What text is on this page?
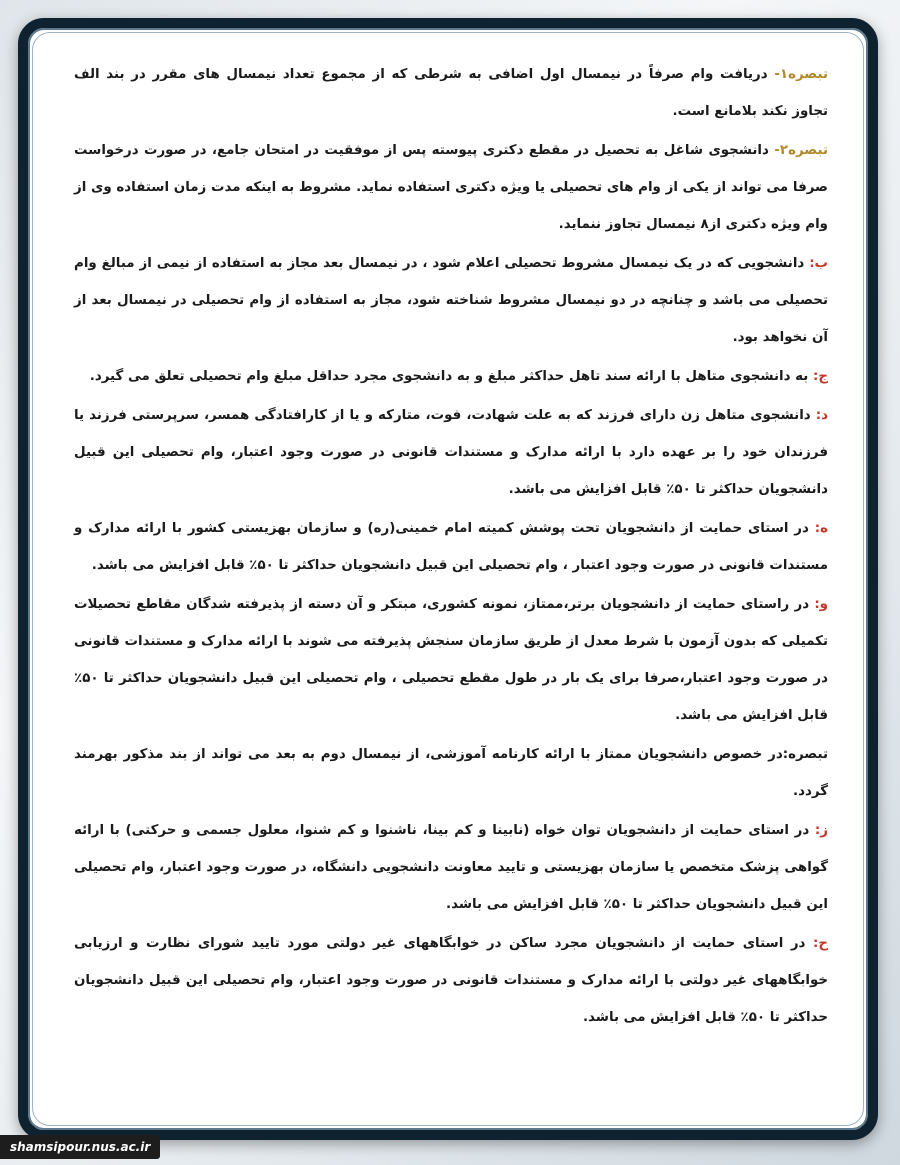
تبصره۱- دریافت وام صرفاً در نیمسال اول اضافی به شرطی که از مجموع تعداد نیمسال های مقرر در بند الف تجاوز نکند بلامانع است.

تبصره۲- دانشجوی شاغل به تحصیل در مقطع دکتری پیوسته پس از موفقیت در امتحان جامع، در صورت درخواست صرفا می تواند از یکی از وام های تحصیلی یا ویژه دکتری استفاده نماید. مشروط به اینکه مدت زمان استفاده وی از وام ویژه دکتری از۸ نیمسال تجاوز ننماید.

ب: دانشجویی که در یک نیمسال مشروط تحصیلی اعلام شود ، در نیمسال بعد مجاز به استفاده از نیمی از مبالغ وام تحصیلی می باشد و چنانچه در دو نیمسال مشروط شناخته شود، مجاز به استفاده از وام تحصیلی در نیمسال بعد از آن نخواهد بود.

ج: به دانشجوی متاهل با ارائه سند تاهل حداکثر مبلغ و به دانشجوی مجرد حداقل مبلغ وام تحصیلی تعلق می گیرد.

د: دانشجوی متاهل زن دارای فرزند که به علت شهادت، فوت، متارکه و یا از کارافتادگی همسر، سرپرستی فرزند یا فرزندان خود را بر عهده دارد با ارائه مدارک و مستندات قانونی در صورت وجود اعتبار، وام تحصیلی این قبیل دانشجویان حداکثر تا ۵۰٪ قابل افزایش می باشد.

ه: در استای حمایت از دانشجویان تحت پوشش کمیته امام خمینی(ره) و سازمان بهزیستی کشور با ارائه مدارک و مستندات قانونی در صورت وجود اعتبار ، وام تحصیلی این قبیل دانشجویان حداکثر تا ۵۰٪ قابل افزایش می باشد.

و: در راستای حمایت از دانشجویان برتر،ممتاز، نمونه کشوری، مبتکر و آن دسته از پذیرفته شدگان مقاطع تحصیلات تکمیلی که بدون آزمون با شرط معدل از طریق سازمان سنجش پذیرفته می شوند با ارائه مدارک و مستندات قانونی در صورت وجود اعتبار،صرفا برای یک بار در طول مقطع تحصیلی ، وام تحصیلی این قبیل دانشجویان حداکثر تا ۵۰٪ قابل افزایش می باشد.

تبصره:در خصوص دانشجویان ممتاز با ارائه کارنامه آموزشی، از نیمسال دوم به بعد می تواند از بند مذکور بهرمند گردد.

ز: در استای حمایت از دانشجویان توان خواه (نابینا و کم بینا، ناشنوا و کم شنوا، معلول جسمی و حرکتی) با ارائه گواهی پزشک متخصص یا سازمان بهزیستی و تایید معاونت دانشجویی دانشگاه، در صورت وجود اعتبار، وام تحصیلی این قبیل دانشجویان حداکثر تا ۵۰٪ قابل افزایش می باشد.

ح: در استای حمایت از دانشجویان مجرد ساکن در خوابگاههای غیر دولتی مورد تایید شورای نظارت و ارزیابی خوابگاههای غیر دولتی با ارائه مدارک و مستندات قانونی در صورت وجود اعتبار، وام تحصیلی این قبیل دانشجویان حداکثر تا ۵۰٪ قابل افزایش می باشد.

shamsipour.nus.ac.ir
